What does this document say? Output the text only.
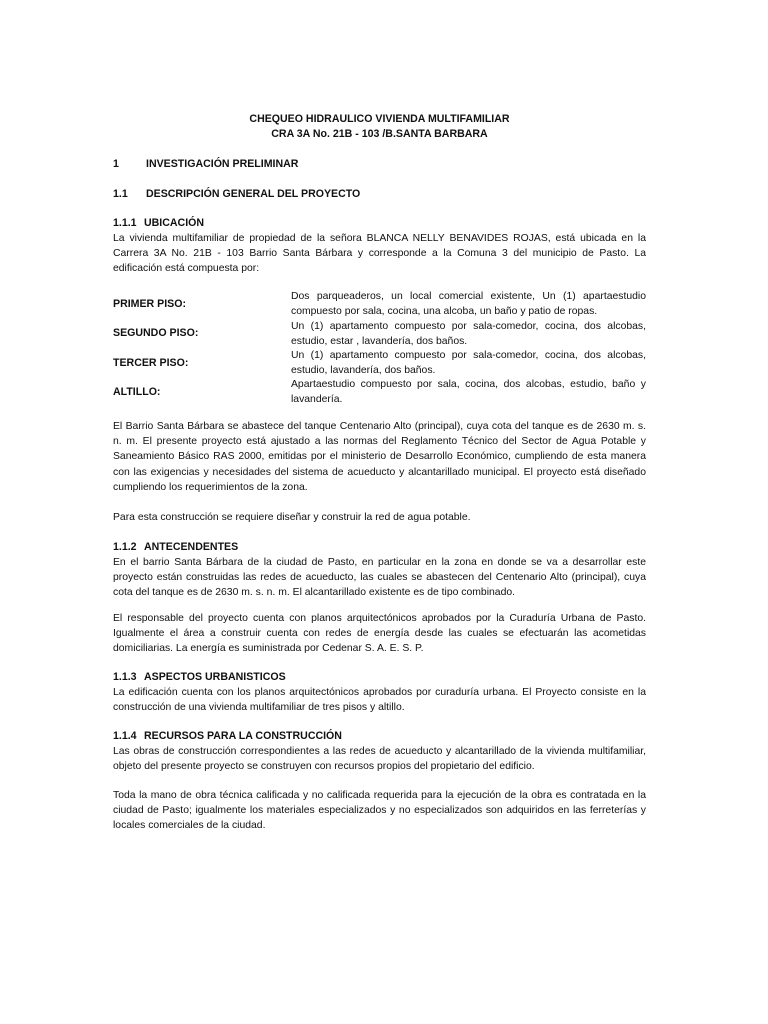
CHEQUEO HIDRAULICO VIVIENDA MULTIFAMILIAR
CRA 3A No. 21B - 103 /B.SANTA BARBARA
1	INVESTIGACIÓN PRELIMINAR
1.1 DESCRIPCIÓN GENERAL DEL PROYECTO
1.1.1 UBICACIÓN
La vivienda multifamiliar de propiedad de la señora BLANCA NELLY BENAVIDES ROJAS, está ubicada en la Carrera 3A No. 21B - 103 Barrio Santa Bárbara y corresponde a la Comuna 3 del municipio de Pasto. La edificación está compuesta por:
PRIMER PISO:
Dos parqueaderos, un local comercial existente, Un (1) apartaestudio compuesto por sala, cocina, una alcoba, un baño y patio de ropas.
SEGUNDO PISO:
Un (1) apartamento compuesto por sala-comedor, cocina, dos alcobas, estudio, estar , lavandería, dos baños.
TERCER PISO:
Un (1) apartamento compuesto por sala-comedor, cocina, dos alcobas, estudio, lavandería, dos baños.
ALTILLO:
Apartaestudio compuesto por sala, cocina, dos alcobas, estudio, baño y lavandería.
El Barrio Santa Bárbara se abastece del tanque Centenario Alto (principal), cuya cota del tanque es de 2630 m. s. n. m. El presente proyecto está ajustado a las normas del Reglamento Técnico del Sector de Agua Potable y Saneamiento Básico RAS 2000, emitidas por el ministerio de Desarrollo Económico, cumpliendo de esta manera con las exigencias y necesidades del sistema de acueducto y alcantarillado municipal. El proyecto está diseñado cumpliendo los requerimientos de la zona.
Para esta construcción se requiere diseñar y construir la red de agua potable.
1.1.2 ANTECENDENTES
En el barrio Santa Bárbara de la ciudad de Pasto, en particular en la zona en donde se va a desarrollar este proyecto están construidas las redes de acueducto, las cuales se abastecen del Centenario Alto (principal), cuya cota del tanque es de 2630 m. s. n. m. El alcantarillado existente es de tipo combinado.
El responsable del proyecto cuenta con planos arquitectónicos aprobados por la Curaduría Urbana de Pasto. Igualmente el área a construir cuenta con redes de energía desde las cuales se efectuarán las acometidas domiciliarias. La energía es suministrada por Cedenar S. A. E. S. P.
1.1.3 ASPECTOS URBANISTICOS
La edificación cuenta con los planos arquitectónicos aprobados por curaduría urbana. El Proyecto consiste en la construcción de una vivienda multifamiliar de tres pisos y altillo.
1.1.4 RECURSOS PARA LA CONSTRUCCIÓN
Las obras de construcción correspondientes a las redes de acueducto y alcantarillado de la vivienda multifamiliar, objeto del presente proyecto se construyen con recursos propios del propietario del edificio.
Toda la mano de obra técnica calificada y no calificada requerida para la ejecución de la obra es contratada en la ciudad de Pasto; igualmente los materiales especializados y no especializados son adquiridos en las ferreterías y locales comerciales de la ciudad.
